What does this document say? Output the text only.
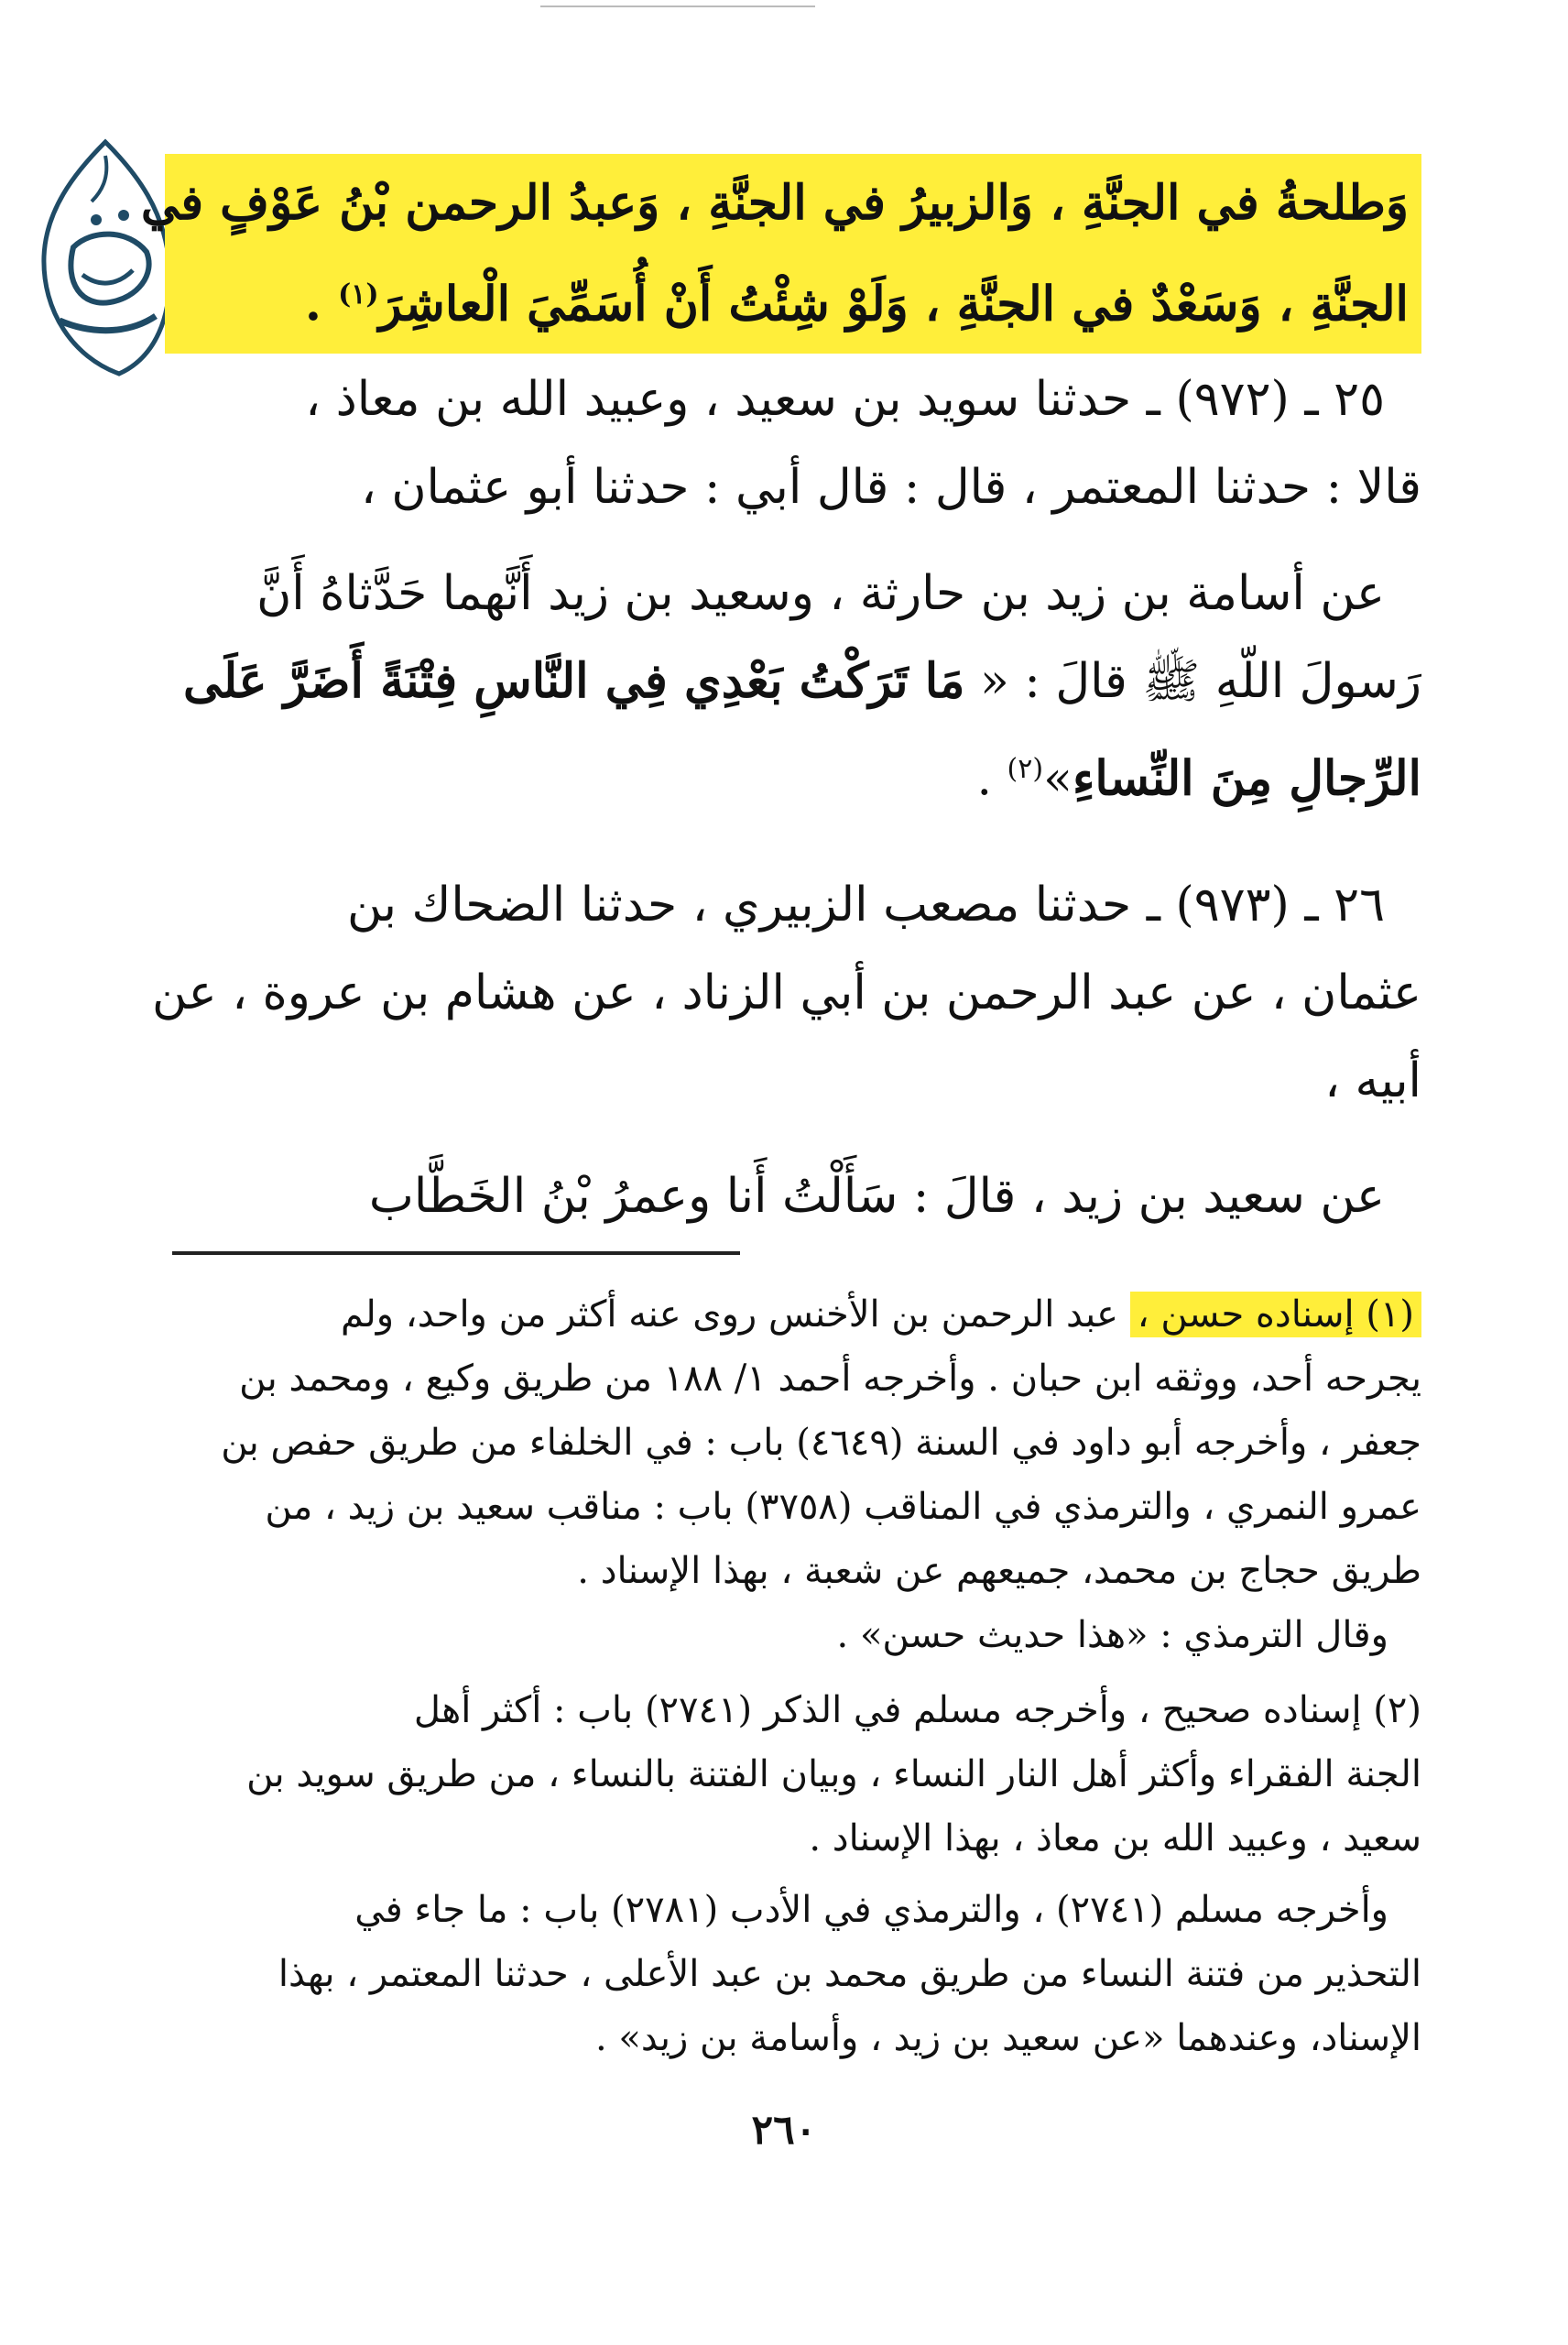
وَطلحةُ في الجنَّةِ ، وَالزبيرُ في الجنَّةِ ، وَعبدُ الرحمن بْنُ عَوْفٍ في
الجنَّةِ ، وَسَعْدٌ في الجنَّةِ ، وَلَوْ شِئْتُ أَنْ أُسَمِّيَ الْعاشِرَ$^{(١)}$ .
٢٥ ـ (٩٧٢) ـ حدثنا سويد بن سعيد ، وعبيد الله بن معاذ ،
قالا : حدثنا المعتمر ، قال : قال أبي : حدثنا أبو عثمان ،
عن أسامة بن زيد بن حارثة ، وسعيد بن زيد أَنَّهما حَدَّثاهُ أَنَّ
رَسولَ اللّهِ ﷺ قالَ : « مَا تَرَكْتُ بَعْدِي فِي النَّاسِ فِتْنَةً أَضَرَّ عَلَى
الرِّجالِ مِنَ النِّساءِ»$^{(٢)}$ .
٢٦ ـ (٩٧٣) ـ حدثنا مصعب الزبيري ، حدثنا الضحاك بن
عثمان ، عن عبد الرحمن بن أبي الزناد ، عن هشام بن عروة ، عن
أبيه ،
عن سعيد بن زيد ، قالَ : سَأَلْتُ أَنا وعمرُ بْنُ الخَطَّاب
(١) إسناده حسن ، عبد الرحمن بن الأخنس روى عنه أكثر من واحد، ولم
يجرحه أحد، ووثقه ابن حبان . وأخرجه أحمد ١/ ١٨٨ من طريق وكيع ، ومحمد بن
جعفر ، وأخرجه أبو داود في السنة (٤٦٤٩) باب : في الخلفاء من طريق حفص بن
عمرو النمري ، والترمذي في المناقب (٣٧٥٨) باب : مناقب سعيد بن زيد ، من
طريق حجاج بن محمد، جميعهم عن شعبة ، بهذا الإسناد .
وقال الترمذي : «هذا حديث حسن» .
(٢) إسناده صحيح ، وأخرجه مسلم في الذكر (٢٧٤١) باب : أكثر أهل
الجنة الفقراء وأكثر أهل النار النساء ، وبيان الفتنة بالنساء ، من طريق سويد بن
سعيد ، وعبيد الله بن معاذ ، بهذا الإسناد .
وأخرجه مسلم (٢٧٤١) ، والترمذي في الأدب (٢٧٨١) باب : ما جاء في
التحذير من فتنة النساء من طريق محمد بن عبد الأعلى ، حدثنا المعتمر ، بهذا
الإسناد، وعندهما «عن سعيد بن زيد ، وأسامة بن زيد» .
٢٦٠
